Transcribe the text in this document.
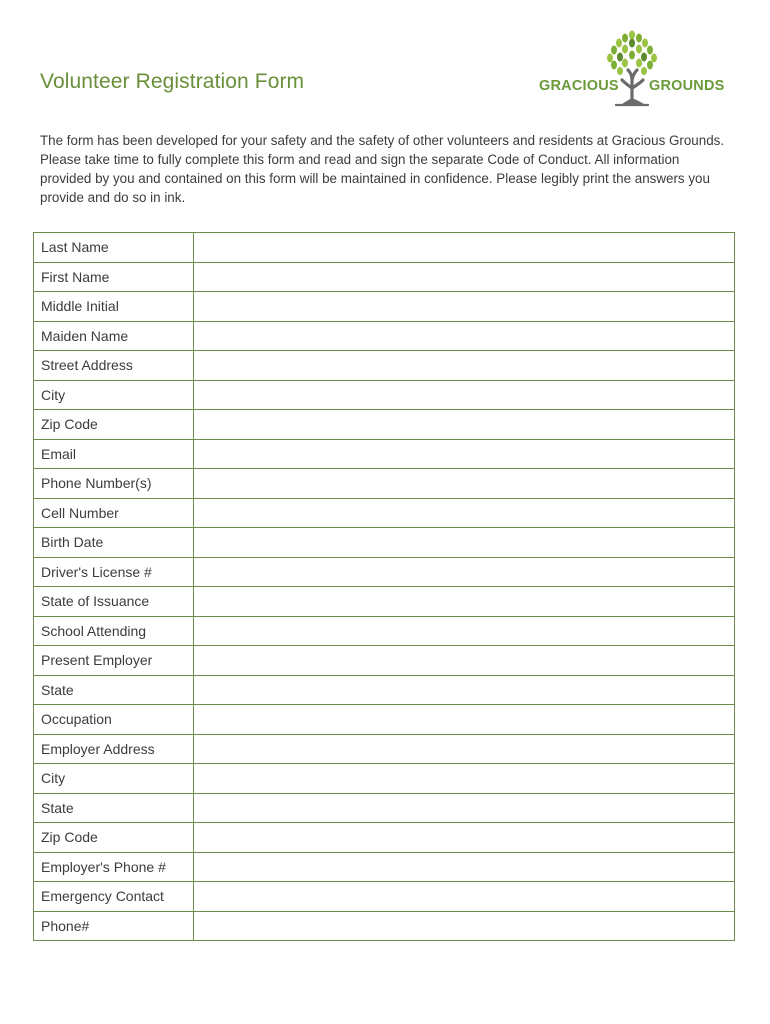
Volunteer Registration Form	GRACIOUS GROUNDS
The form has been developed for your safety and the safety of other volunteers and residents at Gracious Grounds. Please take time to fully complete this form and read and sign the separate Code of Conduct. All information provided by you and contained on this form will be maintained in confidence. Please legibly print the answers you provide and do so in ink.
Last Name	
First Name	
Middle Initial	
Maiden Name	
Street Address	
City	
Zip Code	
Email	
Phone Number(s)	
Cell Number	
Birth Date	
Driver's License #	
State of Issuance	
School Attending	
Present Employer	
State	
Occupation	
Employer Address	
City	
State	
Zip Code	
Employer's Phone #	
Emergency Contact	
Phone#	
